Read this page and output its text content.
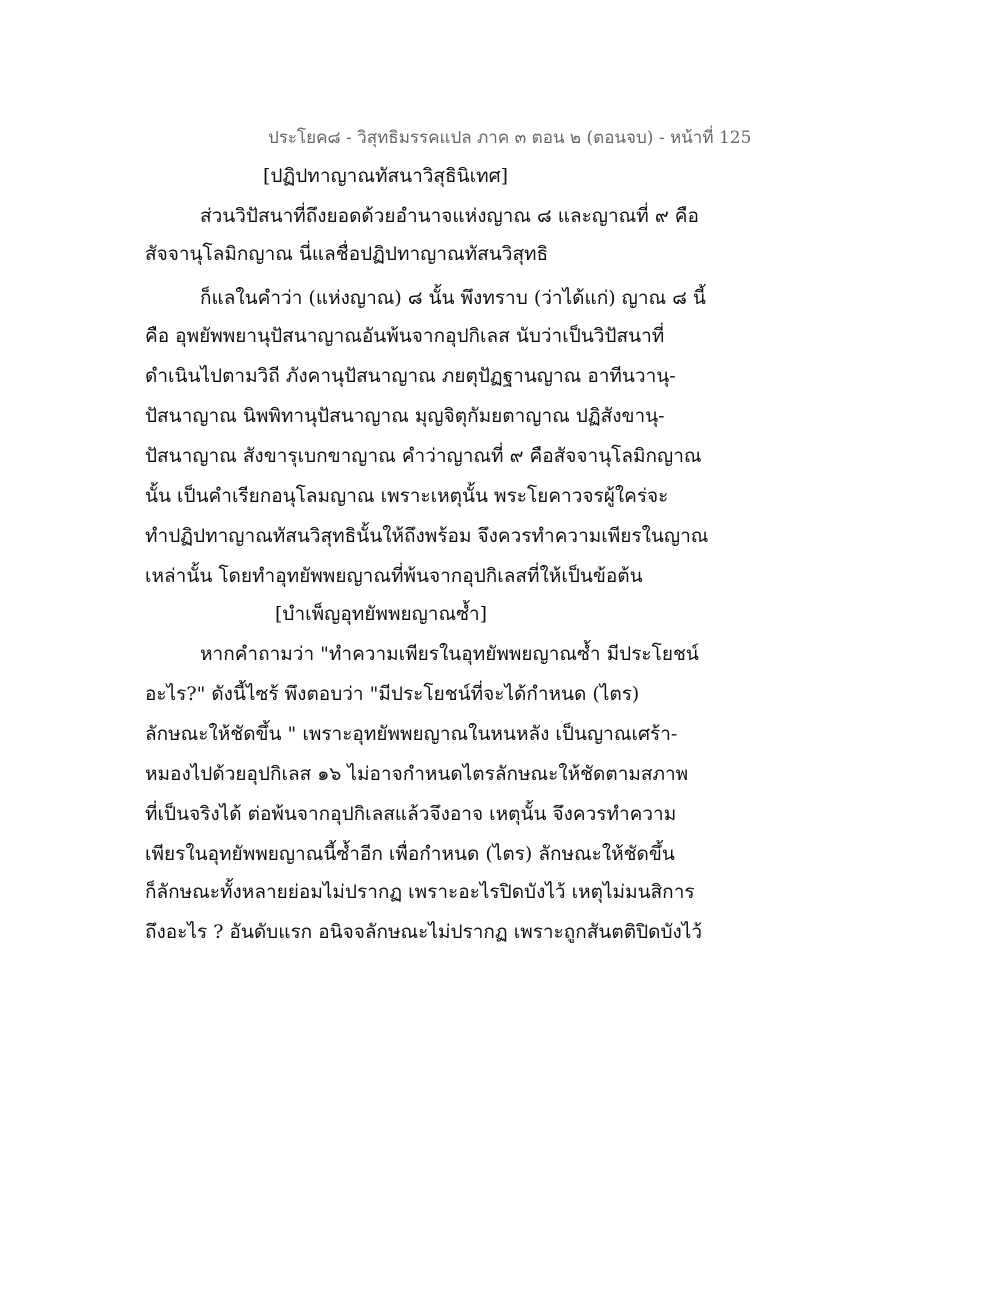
ประโยค๘ - วิสุทธิมรรคแปล ภาค ๓ ตอน ๒ (ตอนจบ) - หน้าที่ 125
[ปฏิปทาญาณทัสนาวิสุธินิเทศ]
ส่วนวิปัสนาที่ถึงยอดด้วยอำนาจแห่งญาณ ๘ และญาณที่ ๙ คือ
สัจจานุโลมิกญาณ นี่แลชื่อปฏิปทาญาณทัสนวิสุทธิ
ก็แลในคำว่า (แห่งญาณ) ๘ นั้น พึงทราบ (ว่าได้แก่) ญาณ ๘ นี้
คือ อุพยัพพยานุปัสนาญาณอันพ้นจากอุปกิเลส นับว่าเป็นวิปัสนาที่
ดำเนินไปตามวิถี ภังคานุปัสนาญาณ ภยตุปัฏฐานญาณ อาทีนวานุ-
ปัสนาญาณ นิพพิทานุปัสนาญาณ มุญจิตุกัมยตาญาณ ปฏิสังขานุ-
ปัสนาญาณ สังขารุเบกขาญาณ คำว่าญาณที่ ๙ คือสัจจานุโลมิกญาณ
นั้น เป็นคำเรียกอนุโลมญาณ เพราะเหตุนั้น พระโยคาวจรผู้ใคร่จะ
ทำปฏิปทาญาณทัสนวิสุทธินั้นให้ถึงพร้อม จึงควรทำความเพียรในญาณ
เหล่านั้น โดยทำอุทยัพพยญาณที่พ้นจากอุปกิเลสที่ให้เป็นข้อต้น
[บำเพ็ญอุทยัพพยญาณซ้ำ]
หากคำถามว่า "ทำความเพียรในอุทยัพพยญาณซ้ำ มีประโยชน์
อะไร?" ดังนี้ไซร้ พึงตอบว่า "มีประโยชน์ที่จะได้กำหนด (ไตร)
ลักษณะให้ชัดขึ้น " เพราะอุทยัพพยญาณในหนหลัง เป็นญาณเศร้า-
หมองไปด้วยอุปกิเลส ๑๖ ไม่อาจกำหนดไตรลักษณะให้ชัดตามสภาพ
ที่เป็นจริงได้ ต่อพ้นจากอุปกิเลสแล้วจึงอาจ เหตุนั้น จึงควรทำความ
เพียรในอุทยัพพยญาณนี้ซ้ำอีก เพื่อกำหนด (ไตร) ลักษณะให้ชัดขึ้น
ก็ลักษณะทั้งหลายย่อมไม่ปรากฏ เพราะอะไรปิดบังไว้ เหตุไม่มนสิการ
ถึงอะไร ? อันดับแรก อนิจจลักษณะไม่ปรากฏ เพราะถูกสันตติปิดบังไว้
